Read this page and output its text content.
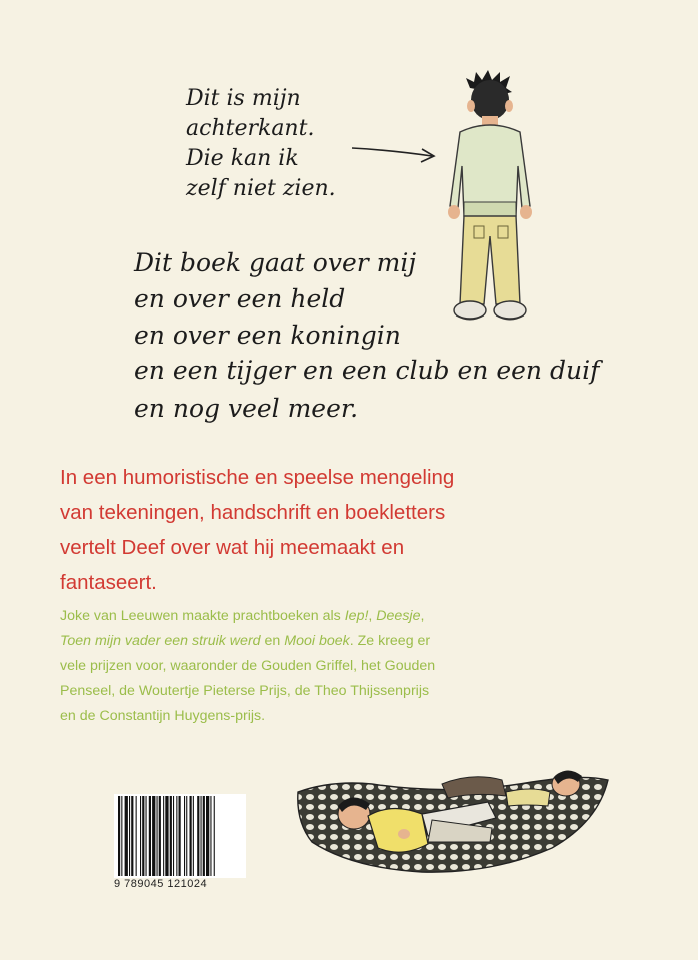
Dit is mijn
achterkant.
Die kan ik
zelf niet zien.
Dit boek gaat over mij
en over een held
en over een koningin
en een tijger en een club en een duif
en nog veel meer.
In een humoristische en speelse mengeling
van tekeningen, handschrift en boekletters
vertelt Deef over wat hij meemaakt en
fantaseert.
Joke van Leeuwen maakte prachtboeken als Iep!, Deesje,
Toen mijn vader een struik werd en Mooi boek. Ze kreeg er
vele prijzen voor, waaronder de Gouden Griffel, het Gouden
Penseel, de Woutertje Pieterse Prijs, de Theo Thijssenprijs
en de Constantijn Huygens-prijs.
9 789045 121024
